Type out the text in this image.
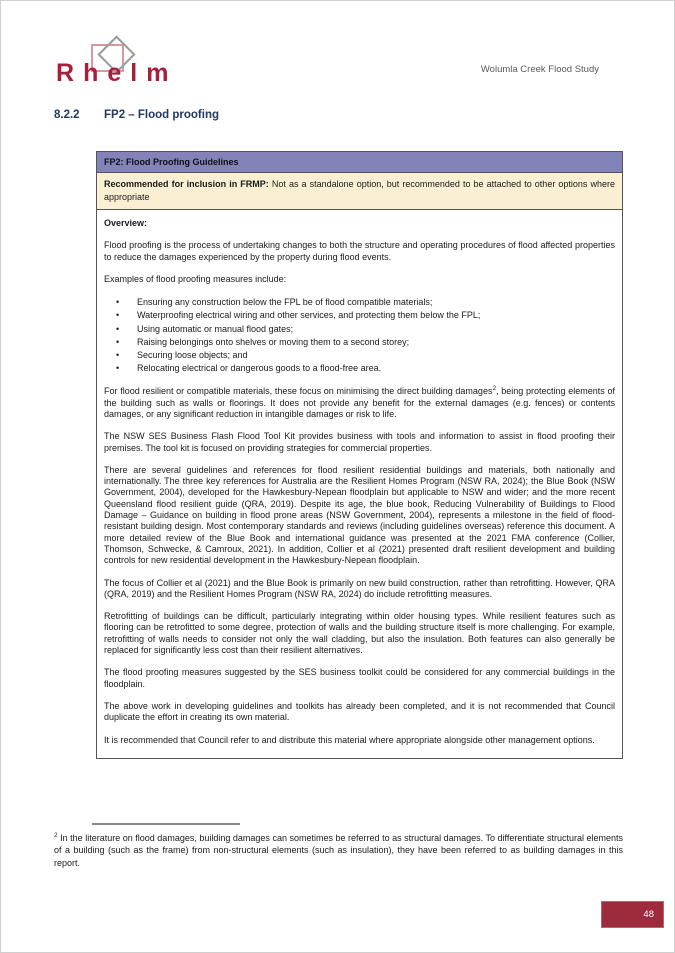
R h e l m	Wolumla Creek Flood Study
8.2.2	FP2 – Flood proofing
FP2: Flood Proofing Guidelines
Recommended for inclusion in FRMP: Not as a standalone option, but recommended to be attached to other options where appropriate
Overview:

Flood proofing is the process of undertaking changes to both the structure and operating procedures of flood affected properties to reduce the damages experienced by the property during flood events.

Examples of flood proofing measures include:

•	Ensuring any construction below the FPL be of flood compatible materials;
•	Waterproofing electrical wiring and other services, and protecting them below the FPL;
•	Using automatic or manual flood gates;
•	Raising belongings onto shelves or moving them to a second storey;
•	Securing loose objects; and
•	Relocating electrical or dangerous goods to a flood-free area.

For flood resilient or compatible materials, these focus on minimising the direct building damages$^2$, being protecting elements of the building such as walls or floorings. It does not provide any benefit for the external damages (e.g. fences) or contents damages, or any significant reduction in intangible damages or risk to life.

The NSW SES Business Flash Flood Tool Kit provides business with tools and information to assist in flood proofing their premises. The tool kit is focused on providing strategies for commercial properties.

There are several guidelines and references for flood resilient residential buildings and materials, both nationally and internationally. The three key references for Australia are the Resilient Homes Program (NSW RA, 2024); the Blue Book (NSW Government, 2004), developed for the Hawkesbury-Nepean floodplain but applicable to NSW and wider; and the more recent Queensland flood resilient guide (QRA, 2019). Despite its age, the blue book, Reducing Vulnerability of Buildings to Flood Damage – Guidance on building in flood prone areas (NSW Government, 2004), represents a milestone in the field of flood-resistant building design. Most contemporary standards and reviews (including guidelines overseas) reference this document. A more detailed review of the Blue Book and international guidance was presented at the 2021 FMA conference (Collier, Thomson, Schwecke, & Camroux, 2021). In addition, Collier et al (2021) presented draft resilient development and building controls for new residential development in the Hawkesbury-Nepean floodplain.

The focus of Collier et al (2021) and the Blue Book is primarily on new build construction, rather than retrofitting. However, QRA (QRA, 2019) and the Resilient Homes Program (NSW RA, 2024) do include retrofitting measures.

Retrofitting of buildings can be difficult, particularly integrating within older housing types. While resilient features such as flooring can be retrofitted to some degree, protection of walls and the building structure itself is more challenging. For example, retrofitting of walls needs to consider not only the wall cladding, but also the insulation. Both features can also generally be replaced for significantly less cost than their resilient alternatives.

The flood proofing measures suggested by the SES business toolkit could be considered for any commercial buildings in the floodplain.

The above work in developing guidelines and toolkits has already been completed, and it is not recommended that Council duplicate the effort in creating its own material.

It is recommended that Council refer to and distribute this material where appropriate alongside other management options.

$^2$ In the literature on flood damages, building damages can sometimes be referred to as structural damages. To differentiate structural elements of a building (such as the frame) from non-structural elements (such as insulation), they have been referred to as building damages in this report.
48
